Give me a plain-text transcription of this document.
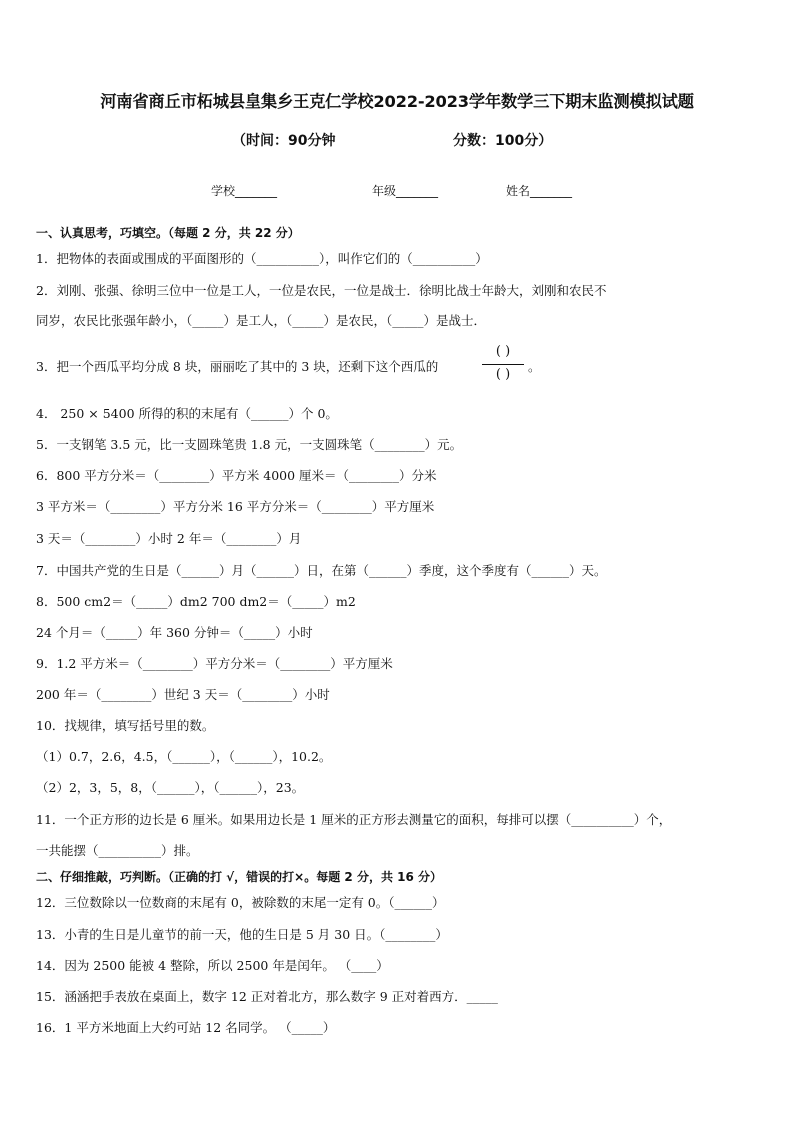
河南省商丘市柘城县皇集乡王克仁学校2022-2023学年数学三下期末监测模拟试题
（时间：90分钟	分数：100分）
学校_______	年级_______	姓名_______
一、认真思考，巧填空。（每题 2 分，共 22 分）
1．把物体的表面或围成的平面图形的（__________），叫作它们的（__________）
2．刘刚、张强、徐明三位中一位是工人，一位是农民，一位是战士．徐明比战士年龄大，刘刚和农民不
同岁，农民比张强年龄小，（_____）是工人，（_____）是农民，（_____）是战士．
3．把一个西瓜平均分成 8 块，丽丽吃了其中的 3 块，还剩下这个西瓜的
( )
( )
。
4． 250 × 5400 所得的积的末尾有（______）个 0。
5．一支钢笔 3.5 元，比一支圆珠笔贵 1.8 元，一支圆珠笔（________）元。
6．800 平方分米＝（________）平方米 4000 厘米＝（________）分米
3 平方米＝（________）平方分米 16 平方分米＝（________）平方厘米
3 天＝（________）小时 2 年＝（________）月
7．中国共产党的生日是（______）月（______）日，在第（______）季度，这个季度有（______）天。
8．500 cm2＝（_____）dm2 700 dm2＝（_____）m2
24 个月＝（_____）年 360 分钟＝（_____）小时
9．1.2 平方米＝（________）平方分米＝（________）平方厘米
200 年＝（________）世纪 3 天＝（________）小时
10．找规律，填写括号里的数。
（1）0.7，2.6，4.5，（______），（______），10.2。
（2）2，3，5，8，（______），（______），23。
11．一个正方形的边长是 6 厘米。如果用边长是 1 厘米的正方形去测量它的面积，每排可以摆（__________）个，
一共能摆（__________）排。
二、仔细推敲，巧判断。（正确的打 √，错误的打×。每题 2 分，共 16 分）
12．三位数除以一位数商的末尾有 0，被除数的末尾一定有 0。（______）
13．小青的生日是儿童节的前一天，他的生日是 5 月 30 日。（________）
14．因为 2500 能被 4 整除，所以 2500 年是闰年。 （____）
15．涵涵把手表放在桌面上，数字 12 正对着北方，那么数字 9 正对着西方．_____
16．1 平方米地面上大约可站 12 名同学。 （_____）
